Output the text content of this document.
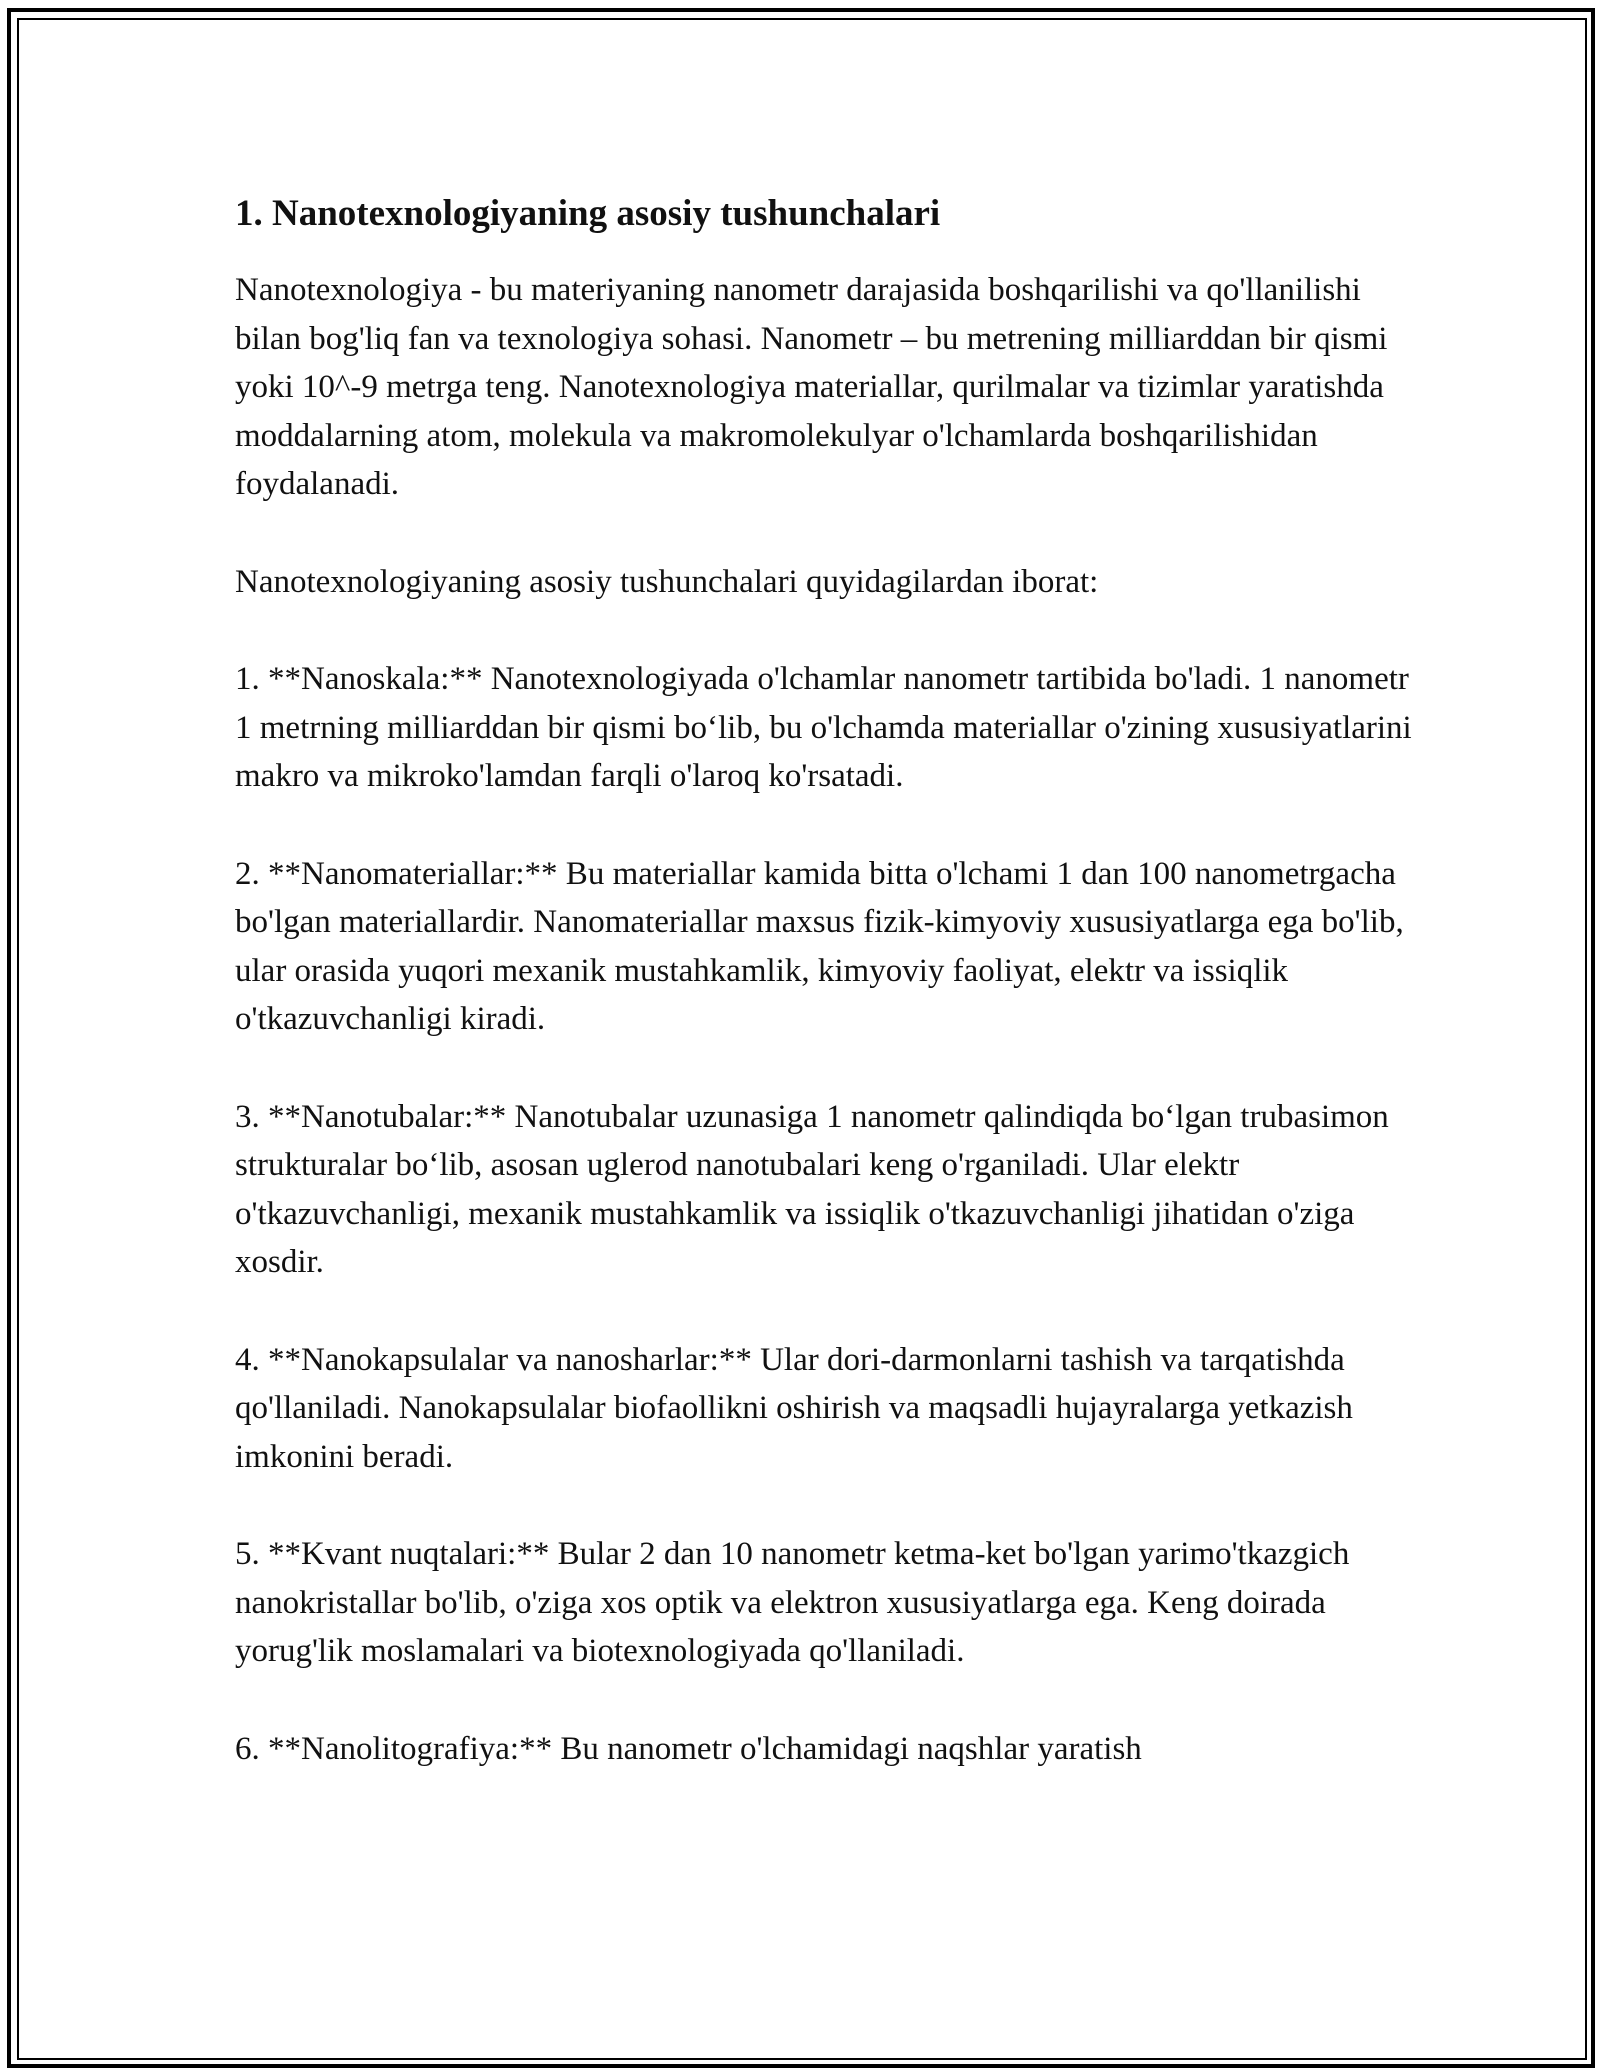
1. Nanotexnologiyaning asosiy tushunchalari

Nanotexnologiya - bu materiyaning nanometr darajasida boshqarilishi va qo'llanilishi bilan bog'liq fan va texnologiya sohasi. Nanometr – bu metrening milliarddan bir qismi yoki 10^-9 metrga teng. Nanotexnologiya materiallar, qurilmalar va tizimlar yaratishda moddalarning atom, molekula va makromolekulyar o'lchamlarda boshqarilishidan foydalanadi.

Nanotexnologiyaning asosiy tushunchalari quyidagilardan iborat:

1. **Nanoskala:** Nanotexnologiyada o'lchamlar nanometr tartibida bo'ladi. 1 nanometr 1 metrning milliarddan bir qismi bo‘lib, bu o'lchamda materiallar o'zining xususiyatlarini makro va mikroko'lamdan farqli o'laroq ko'rsatadi.

2. **Nanomateriallar:** Bu materiallar kamida bitta o'lchami 1 dan 100 nanometrgacha bo'lgan materiallardir. Nanomateriallar maxsus fizik-kimyoviy xususiyatlarga ega bo'lib, ular orasida yuqori mexanik mustahkamlik, kimyoviy faoliyat, elektr va issiqlik o'tkazuvchanligi kiradi.

3. **Nanotubalar:** Nanotubalar uzunasiga 1 nanometr qalindiqda bo‘lgan trubasimon strukturalar bo‘lib, asosan uglerod nanotubalari keng o'rganiladi. Ular elektr o'tkazuvchanligi, mexanik mustahkamlik va issiqlik o'tkazuvchanligi jihatidan o'ziga xosdir.

4. **Nanokapsulalar va nanosharlar:** Ular dori-darmonlarni tashish va tarqatishda qo'llaniladi. Nanokapsulalar biofaollikni oshirish va maqsadli hujayralarga yetkazish imkonini beradi.

5. **Kvant nuqtalari:** Bular 2 dan 10 nanometr ketma-ket bo'lgan yarimo'tkazgich nanokristallar bo'lib, o'ziga xos optik va elektron xususiyatlarga ega. Keng doirada yorug'lik moslamalari va biotexnologiyada qo'llaniladi.

6. **Nanolitografiya:** Bu nanometr o'lchamidagi naqshlar yaratish
